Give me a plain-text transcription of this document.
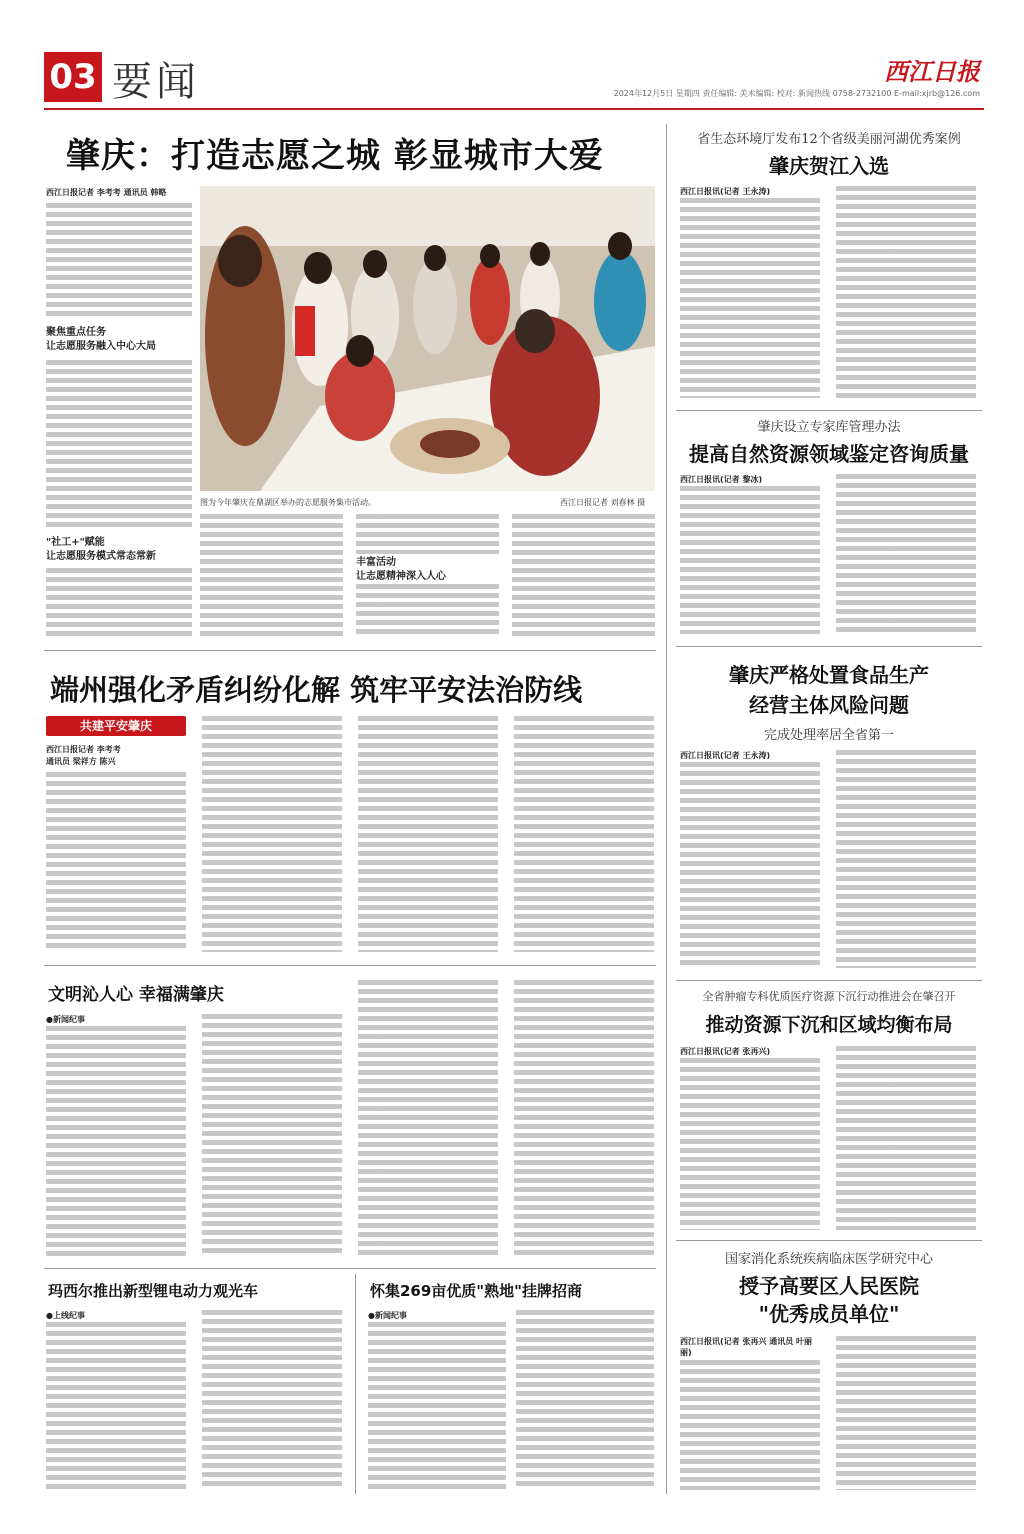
03 要闻	西江日报
2024年12月5日 星期四 责任编辑: 美术编辑: 校对: 新闻热线 0758-2732100 E-mail:xjrb@126.com
肇庆：打造志愿之城 彰显城市大爱
西江日报记者 李考考 通讯员 韩略
聚焦重点任务
让志愿服务融入中心大局
"社工+"赋能
让志愿服务模式常态常新
图为今年肇庆在鼎湖区举办的志愿服务集市活动。	西江日报记者 刘春林 摄
丰富活动
让志愿精神深入人心
省生态环境厅发布12个省级美丽河湖优秀案例
肇庆贺江入选
西江日报讯(记者 王永涛)
肇庆设立专家库管理办法
提高自然资源领域鉴定咨询质量
西江日报讯(记者 黎冰)
端州强化矛盾纠纷化解 筑牢平安法治防线
共建平安肇庆
西江日报记者 李考考
通讯员 梁祥方 陈兴
肇庆严格处置食品生产
经营主体风险问题
完成处理率居全省第一
西江日报讯(记者 王永涛)
文明沁人心 幸福满肇庆
●新闻纪事
全省肿瘤专科优质医疗资源下沉行动推进会在肇召开
推动资源下沉和区域均衡布局
西江日报讯(记者 张再兴)
玛西尔推出新型锂电动力观光车
●上线纪事
怀集269亩优质"熟地"挂牌招商
●新闻纪事
国家消化系统疾病临床医学研究中心
授予高要区人民医院
"优秀成员单位"
西江日报讯(记者 张再兴 通讯员 叶丽丽)
